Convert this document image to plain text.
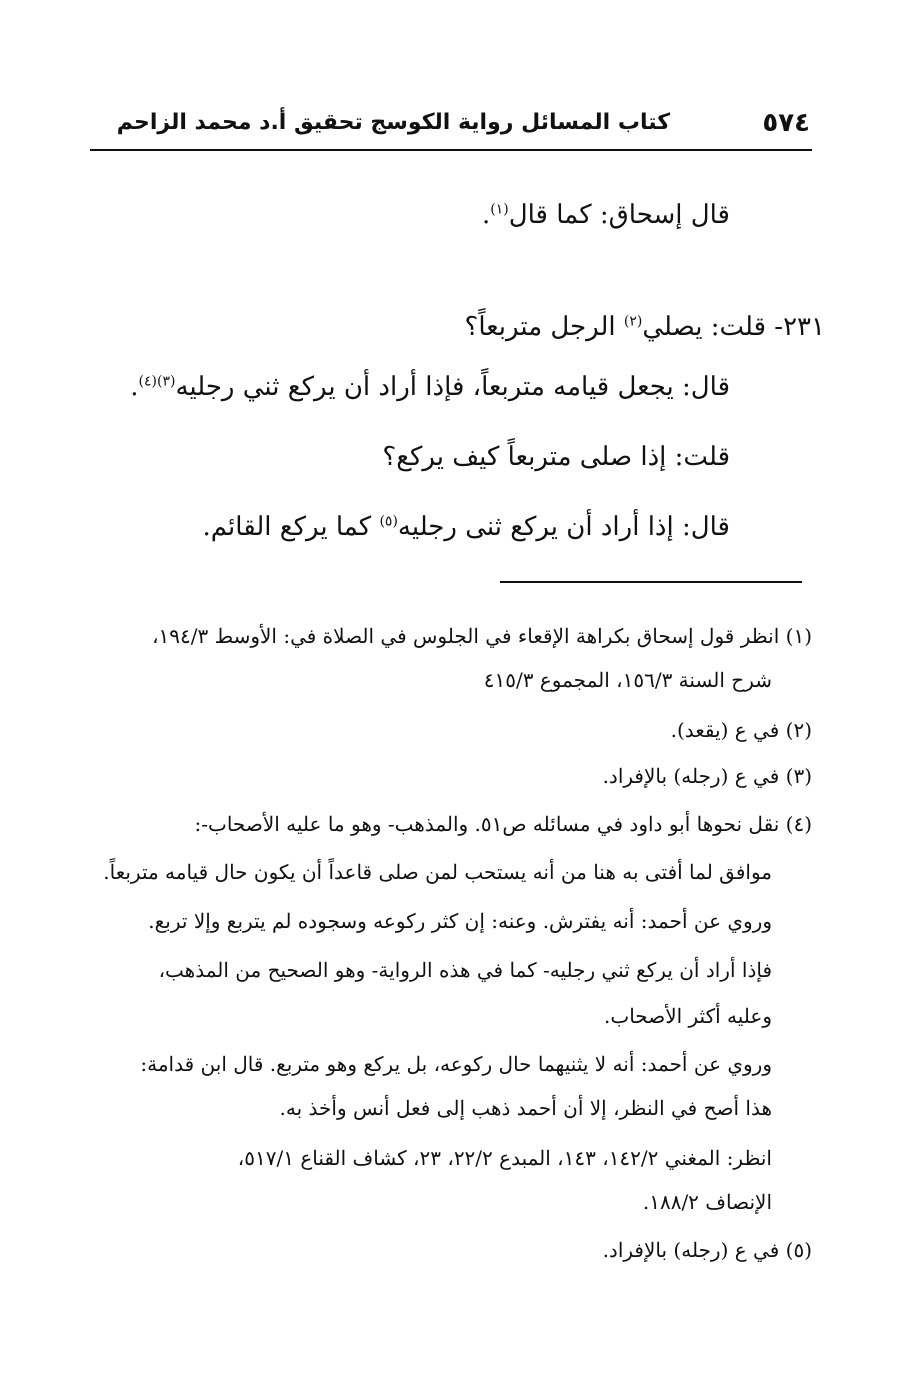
٥٧٤
كتاب المسائل رواية الكوسج تحقيق أ.د محمد الزاحم
قال إسحاق: كما قال$^{(١)}$.
٢٣١- قلت: يصلي$^{(٢)}$ الرجل متربعاً؟
قال: يجعل قيامه متربعاً، فإذا أراد أن يركع ثني رجليه$^{(٣)(٤)}$.
قلت: إذا صلى متربعاً كيف يركع؟
قال: إذا أراد أن يركع ثنى رجليه$^{(٥)}$ كما يركع القائم.
(١) انظر قول إسحاق بكراهة الإقعاء في الجلوس في الصلاة في: الأوسط ١٩٤/٣،
شرح السنة ١٥٦/٣، المجموع ٤١٥/٣
(٢) في ع (يقعد).
(٣) في ع (رجله) بالإفراد.
(٤) نقل نحوها أبو داود في مسائله ص٥١. والمذهب- وهو ما عليه الأصحاب-:
موافق لما أفتى به هنا من أنه يستحب لمن صلى قاعداً أن يكون حال قيامه متربعاً.
وروي عن أحمد: أنه يفترش. وعنه: إن كثر ركوعه وسجوده لم يتربع وإلا تربع.
فإذا أراد أن يركع ثني رجليه- كما في هذه الرواية- وهو الصحيح من المذهب،
وعليه أكثر الأصحاب.
وروي عن أحمد: أنه لا يثنيهما حال ركوعه، بل يركع وهو متربع. قال ابن قدامة:
هذا أصح في النظر، إلا أن أحمد ذهب إلى فعل أنس وأخذ به.
انظر: المغني ١٤٢/٢، ١٤٣، المبدع ٢٢/٢، ٢٣، كشاف القناع ٥١٧/١،
الإنصاف ١٨٨/٢.
(٥) في ع (رجله) بالإفراد.
